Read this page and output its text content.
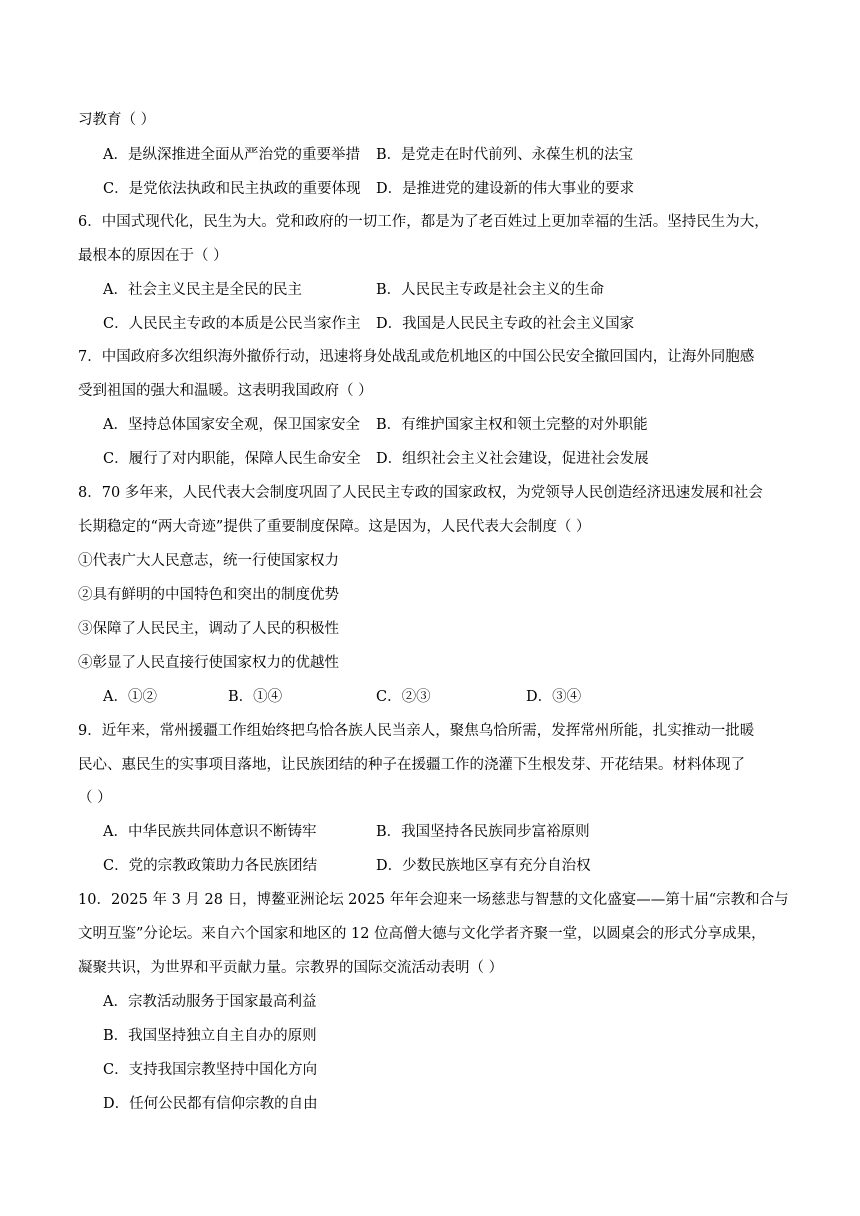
习教育（ ）
A．是纵深推进全面从严治党的重要举措 B．是党走在时代前列、永葆生机的法宝
C．是党依法执政和民主执政的重要体现 D．是推进党的建设新的伟大事业的要求
6．中国式现代化，民生为大。党和政府的一切工作，都是为了老百姓过上更加幸福的生活。坚持民生为大，
最根本的原因在于（ ）
A．社会主义民主是全民的民主	B．人民民主专政是社会主义的生命
C．人民民主专政的本质是公民当家作主 D．我国是人民民主专政的社会主义国家
7．中国政府多次组织海外撤侨行动，迅速将身处战乱或危机地区的中国公民安全撤回国内，让海外同胞感
受到祖国的强大和温暖。这表明我国政府（ ）
A．坚持总体国家安全观，保卫国家安全 B．有维护国家主权和领土完整的对外职能
C．履行了对内职能，保障人民生命安全 D．组织社会主义社会建设，促进社会发展
8．70 多年来，人民代表大会制度巩固了人民民主专政的国家政权，为党领导人民创造经济迅速发展和社会
长期稳定的“两大奇迹”提供了重要制度保障。这是因为，人民代表大会制度（ ）
①代表广大人民意志，统一行使国家权力
②具有鲜明的中国特色和突出的制度优势
③保障了人民民主，调动了人民的积极性
④彰显了人民直接行使国家权力的优越性
A．①②	B．①④	C．②③	D．③④
9．近年来，常州援疆工作组始终把乌恰各族人民当亲人，聚焦乌恰所需，发挥常州所能，扎实推动一批暖
民心、惠民生的实事项目落地，让民族团结的种子在援疆工作的浇灌下生根发芽、开花结果。材料体现了
（ ）
A．中华民族共同体意识不断铸牢	B．我国坚持各民族同步富裕原则
C．党的宗教政策助力各民族团结	D．少数民族地区享有充分自治权
10．2025 年 3 月 28 日，博鳌亚洲论坛 2025 年年会迎来一场慈悲与智慧的文化盛宴——第十届“宗教和合与
文明互鉴”分论坛。来自六个国家和地区的 12 位高僧大德与文化学者齐聚一堂，以圆桌会的形式分享成果，
凝聚共识，为世界和平贡献力量。宗教界的国际交流活动表明（ ）
A．宗教活动服务于国家最高利益
B．我国坚持独立自主自办的原则
C．支持我国宗教坚持中国化方向
D．任何公民都有信仰宗教的自由
